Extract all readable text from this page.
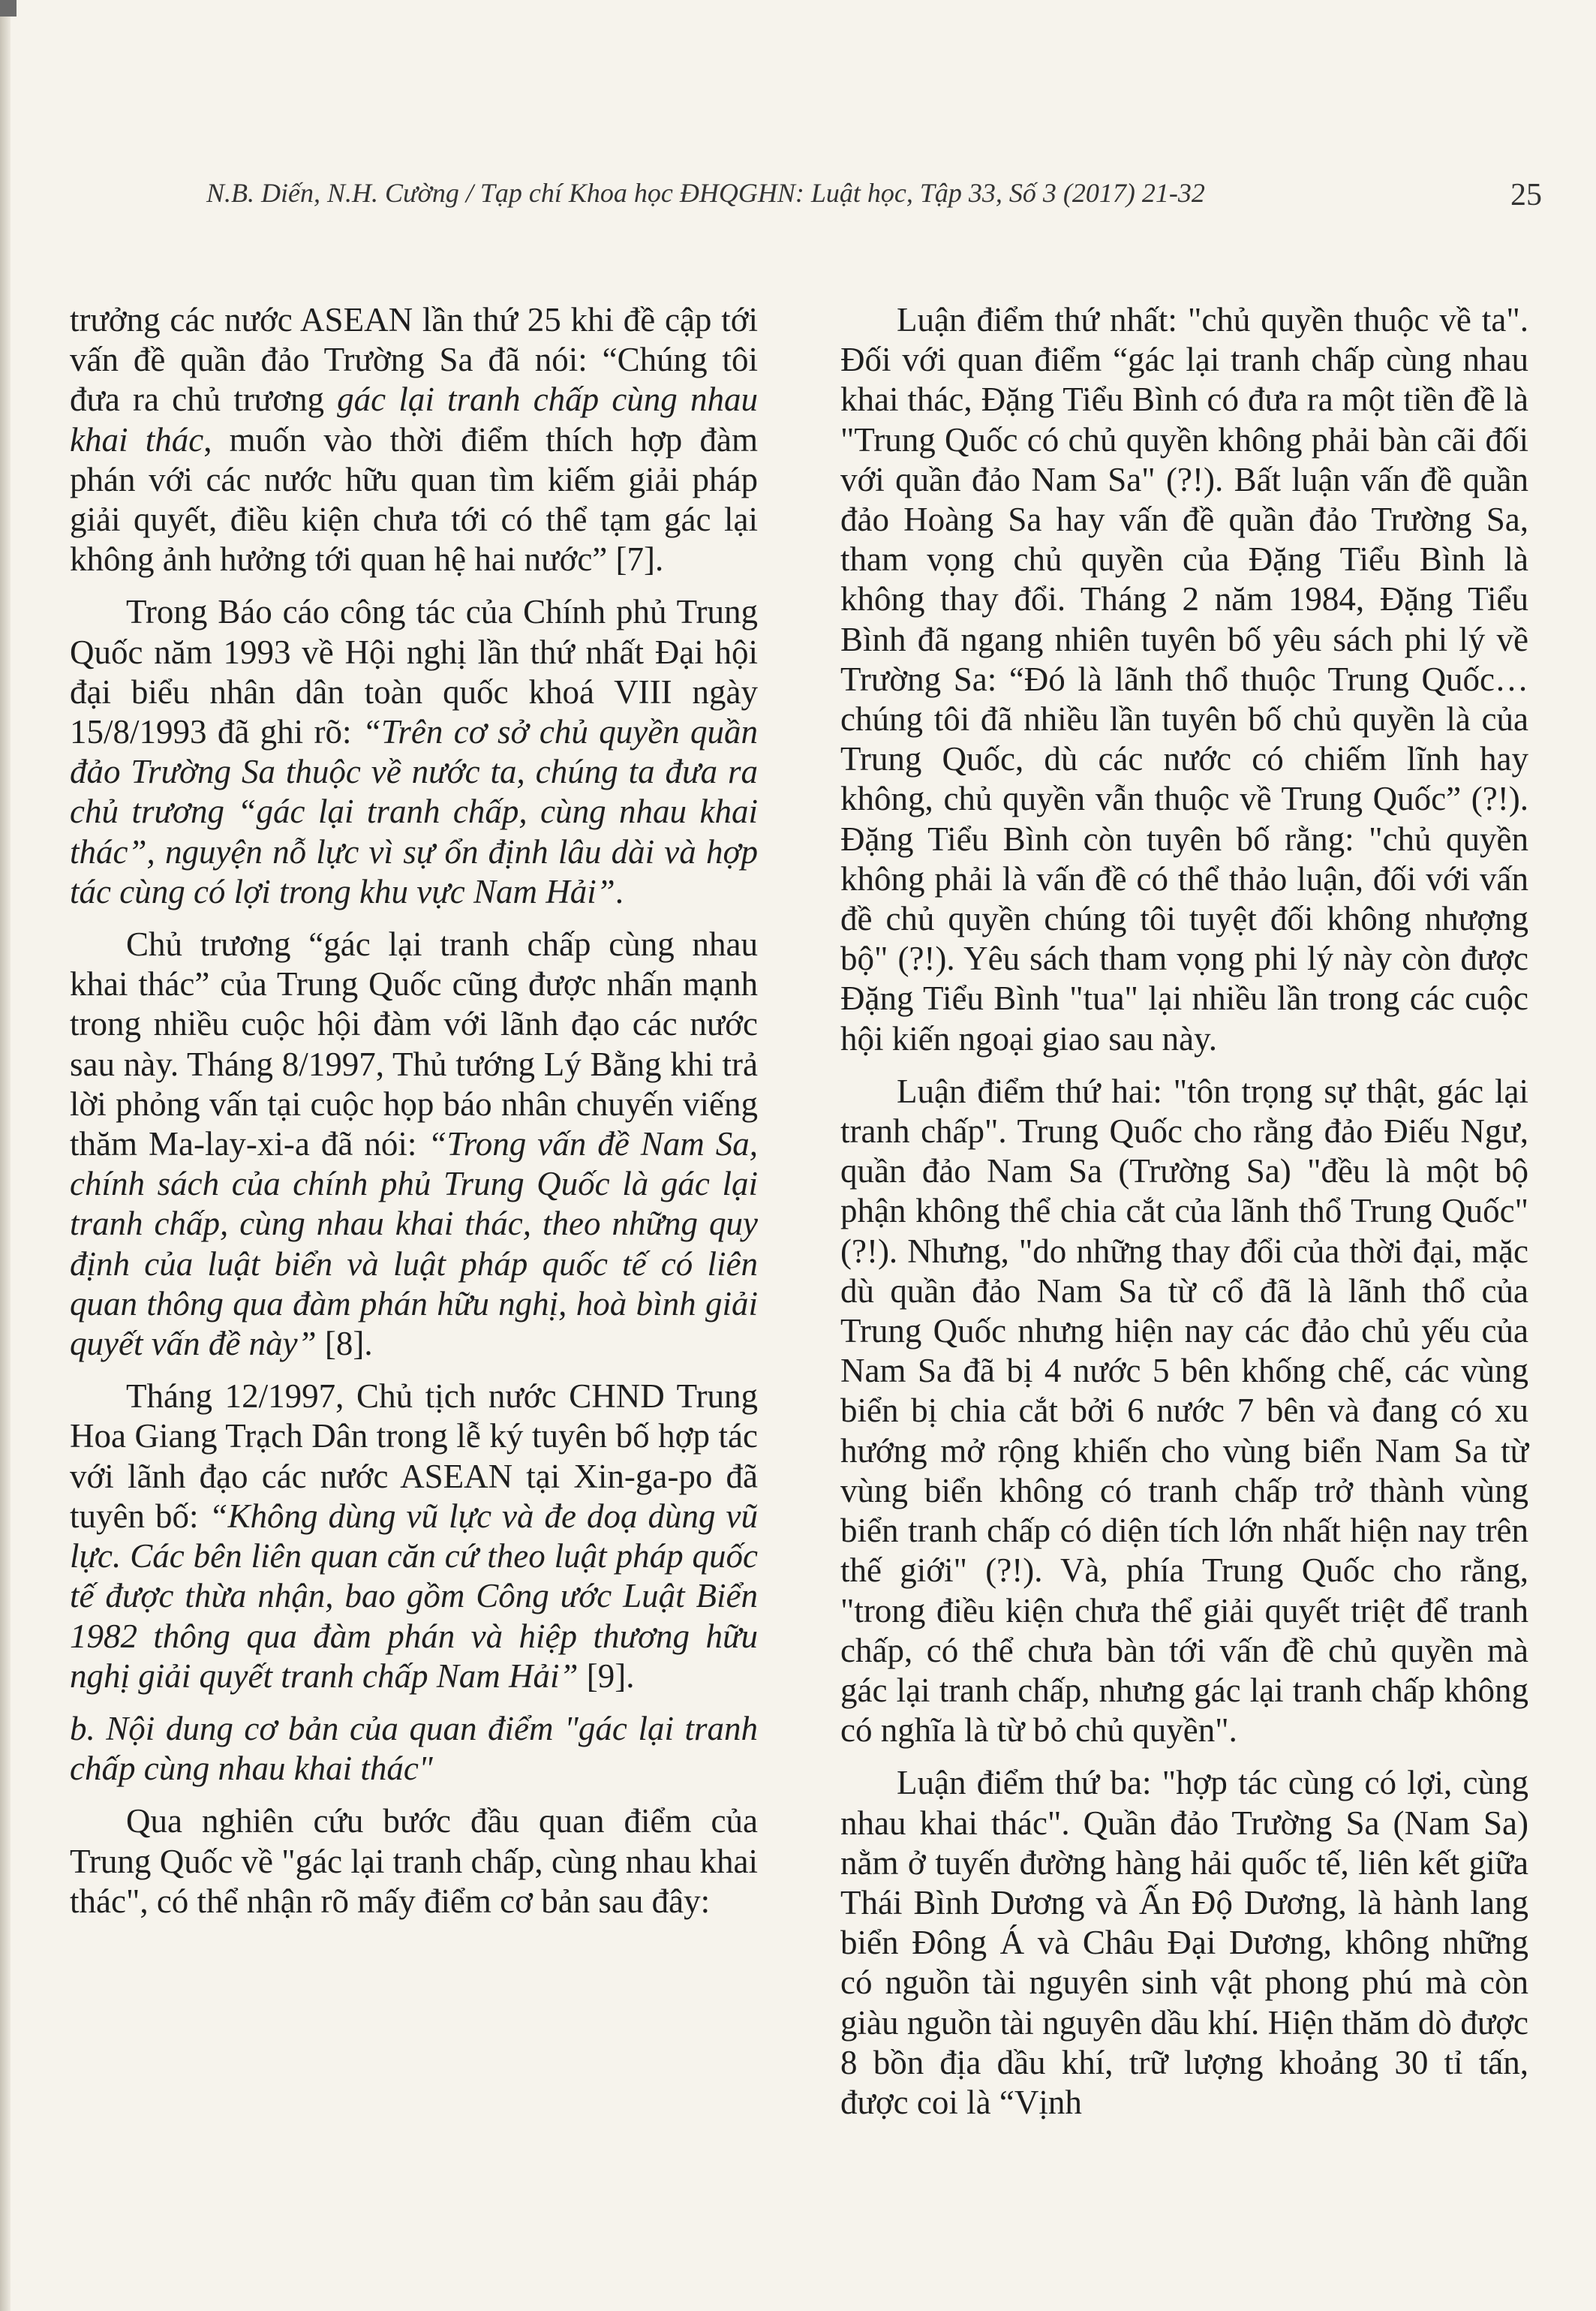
N.B. Diến, N.H. Cường / Tạp chí Khoa học ĐHQGHN: Luật học, Tập 33, Số 3 (2017) 21-32	25

trưởng các nước ASEAN lần thứ 25 khi đề cập tới vấn đề quần đảo Trường Sa đã nói: “Chúng tôi đưa ra chủ trương gác lại tranh chấp cùng nhau khai thác, muốn vào thời điểm thích hợp đàm phán với các nước hữu quan tìm kiếm giải pháp giải quyết, điều kiện chưa tới có thể tạm gác lại không ảnh hưởng tới quan hệ hai nước” [7].

Trong Báo cáo công tác của Chính phủ Trung Quốc năm 1993 về Hội nghị lần thứ nhất Đại hội đại biểu nhân dân toàn quốc khoá VIII ngày 15/8/1993 đã ghi rõ: “Trên cơ sở chủ quyền quần đảo Trường Sa thuộc về nước ta, chúng ta đưa ra chủ trương “gác lại tranh chấp, cùng nhau khai thác”, nguyện nỗ lực vì sự ổn định lâu dài và hợp tác cùng có lợi trong khu vực Nam Hải”.

Chủ trương “gác lại tranh chấp cùng nhau khai thác” của Trung Quốc cũng được nhấn mạnh trong nhiều cuộc hội đàm với lãnh đạo các nước sau này. Tháng 8/1997, Thủ tướng Lý Bằng khi trả lời phỏng vấn tại cuộc họp báo nhân chuyến viếng thăm Ma-lay-xi-a đã nói: “Trong vấn đề Nam Sa, chính sách của chính phủ Trung Quốc là gác lại tranh chấp, cùng nhau khai thác, theo những quy định của luật biển và luật pháp quốc tế có liên quan thông qua đàm phán hữu nghị, hoà bình giải quyết vấn đề này” [8].

Tháng 12/1997, Chủ tịch nước CHND Trung Hoa Giang Trạch Dân trong lễ ký tuyên bố hợp tác với lãnh đạo các nước ASEAN tại Xin-ga-po đã tuyên bố: “Không dùng vũ lực và đe doạ dùng vũ lực. Các bên liên quan căn cứ theo luật pháp quốc tế được thừa nhận, bao gồm Công ước Luật Biển 1982 thông qua đàm phán và hiệp thương hữu nghị giải quyết tranh chấp Nam Hải” [9].

b. Nội dung cơ bản của quan điểm "gác lại tranh chấp cùng nhau khai thác"

Qua nghiên cứu bước đầu quan điểm của Trung Quốc về "gác lại tranh chấp, cùng nhau khai thác", có thể nhận rõ mấy điểm cơ bản sau đây:

Luận điểm thứ nhất: "chủ quyền thuộc về ta". Đối với quan điểm “gác lại tranh chấp cùng nhau khai thác, Đặng Tiểu Bình có đưa ra một tiền đề là "Trung Quốc có chủ quyền không phải bàn cãi đối với quần đảo Nam Sa" (?!). Bất luận vấn đề quần đảo Hoàng Sa hay vấn đề quần đảo Trường Sa, tham vọng chủ quyền của Đặng Tiểu Bình là không thay đổi. Tháng 2 năm 1984, Đặng Tiểu Bình đã ngang nhiên tuyên bố yêu sách phi lý về Trường Sa: “Đó là lãnh thổ thuộc Trung Quốc… chúng tôi đã nhiều lần tuyên bố chủ quyền là của Trung Quốc, dù các nước có chiếm lĩnh hay không, chủ quyền vẫn thuộc về Trung Quốc” (?!). Đặng Tiểu Bình còn tuyên bố rằng: "chủ quyền không phải là vấn đề có thể thảo luận, đối với vấn đề chủ quyền chúng tôi tuyệt đối không nhượng bộ" (?!). Yêu sách tham vọng phi lý này còn được Đặng Tiểu Bình "tua" lại nhiều lần trong các cuộc hội kiến ngoại giao sau này.

Luận điểm thứ hai: "tôn trọng sự thật, gác lại tranh chấp". Trung Quốc cho rằng đảo Điếu Ngư, quần đảo Nam Sa (Trường Sa) "đều là một bộ phận không thể chia cắt của lãnh thổ Trung Quốc" (?!). Nhưng, "do những thay đổi của thời đại, mặc dù quần đảo Nam Sa từ cổ đã là lãnh thổ của Trung Quốc nhưng hiện nay các đảo chủ yếu của Nam Sa đã bị 4 nước 5 bên khống chế, các vùng biển bị chia cắt bởi 6 nước 7 bên và đang có xu hướng mở rộng khiến cho vùng biển Nam Sa từ vùng biển không có tranh chấp trở thành vùng biển tranh chấp có diện tích lớn nhất hiện nay trên thế giới" (?!). Và, phía Trung Quốc cho rằng, "trong điều kiện chưa thể giải quyết triệt để tranh chấp, có thể chưa bàn tới vấn đề chủ quyền mà gác lại tranh chấp, nhưng gác lại tranh chấp không có nghĩa là từ bỏ chủ quyền".

Luận điểm thứ ba: "hợp tác cùng có lợi, cùng nhau khai thác". Quần đảo Trường Sa (Nam Sa) nằm ở tuyến đường hàng hải quốc tế, liên kết giữa Thái Bình Dương và Ấn Độ Dương, là hành lang biển Đông Á và Châu Đại Dương, không những có nguồn tài nguyên sinh vật phong phú mà còn giàu nguồn tài nguyên dầu khí. Hiện thăm dò được 8 bồn địa dầu khí, trữ lượng khoảng 30 tỉ tấn, được coi là “Vịnh
